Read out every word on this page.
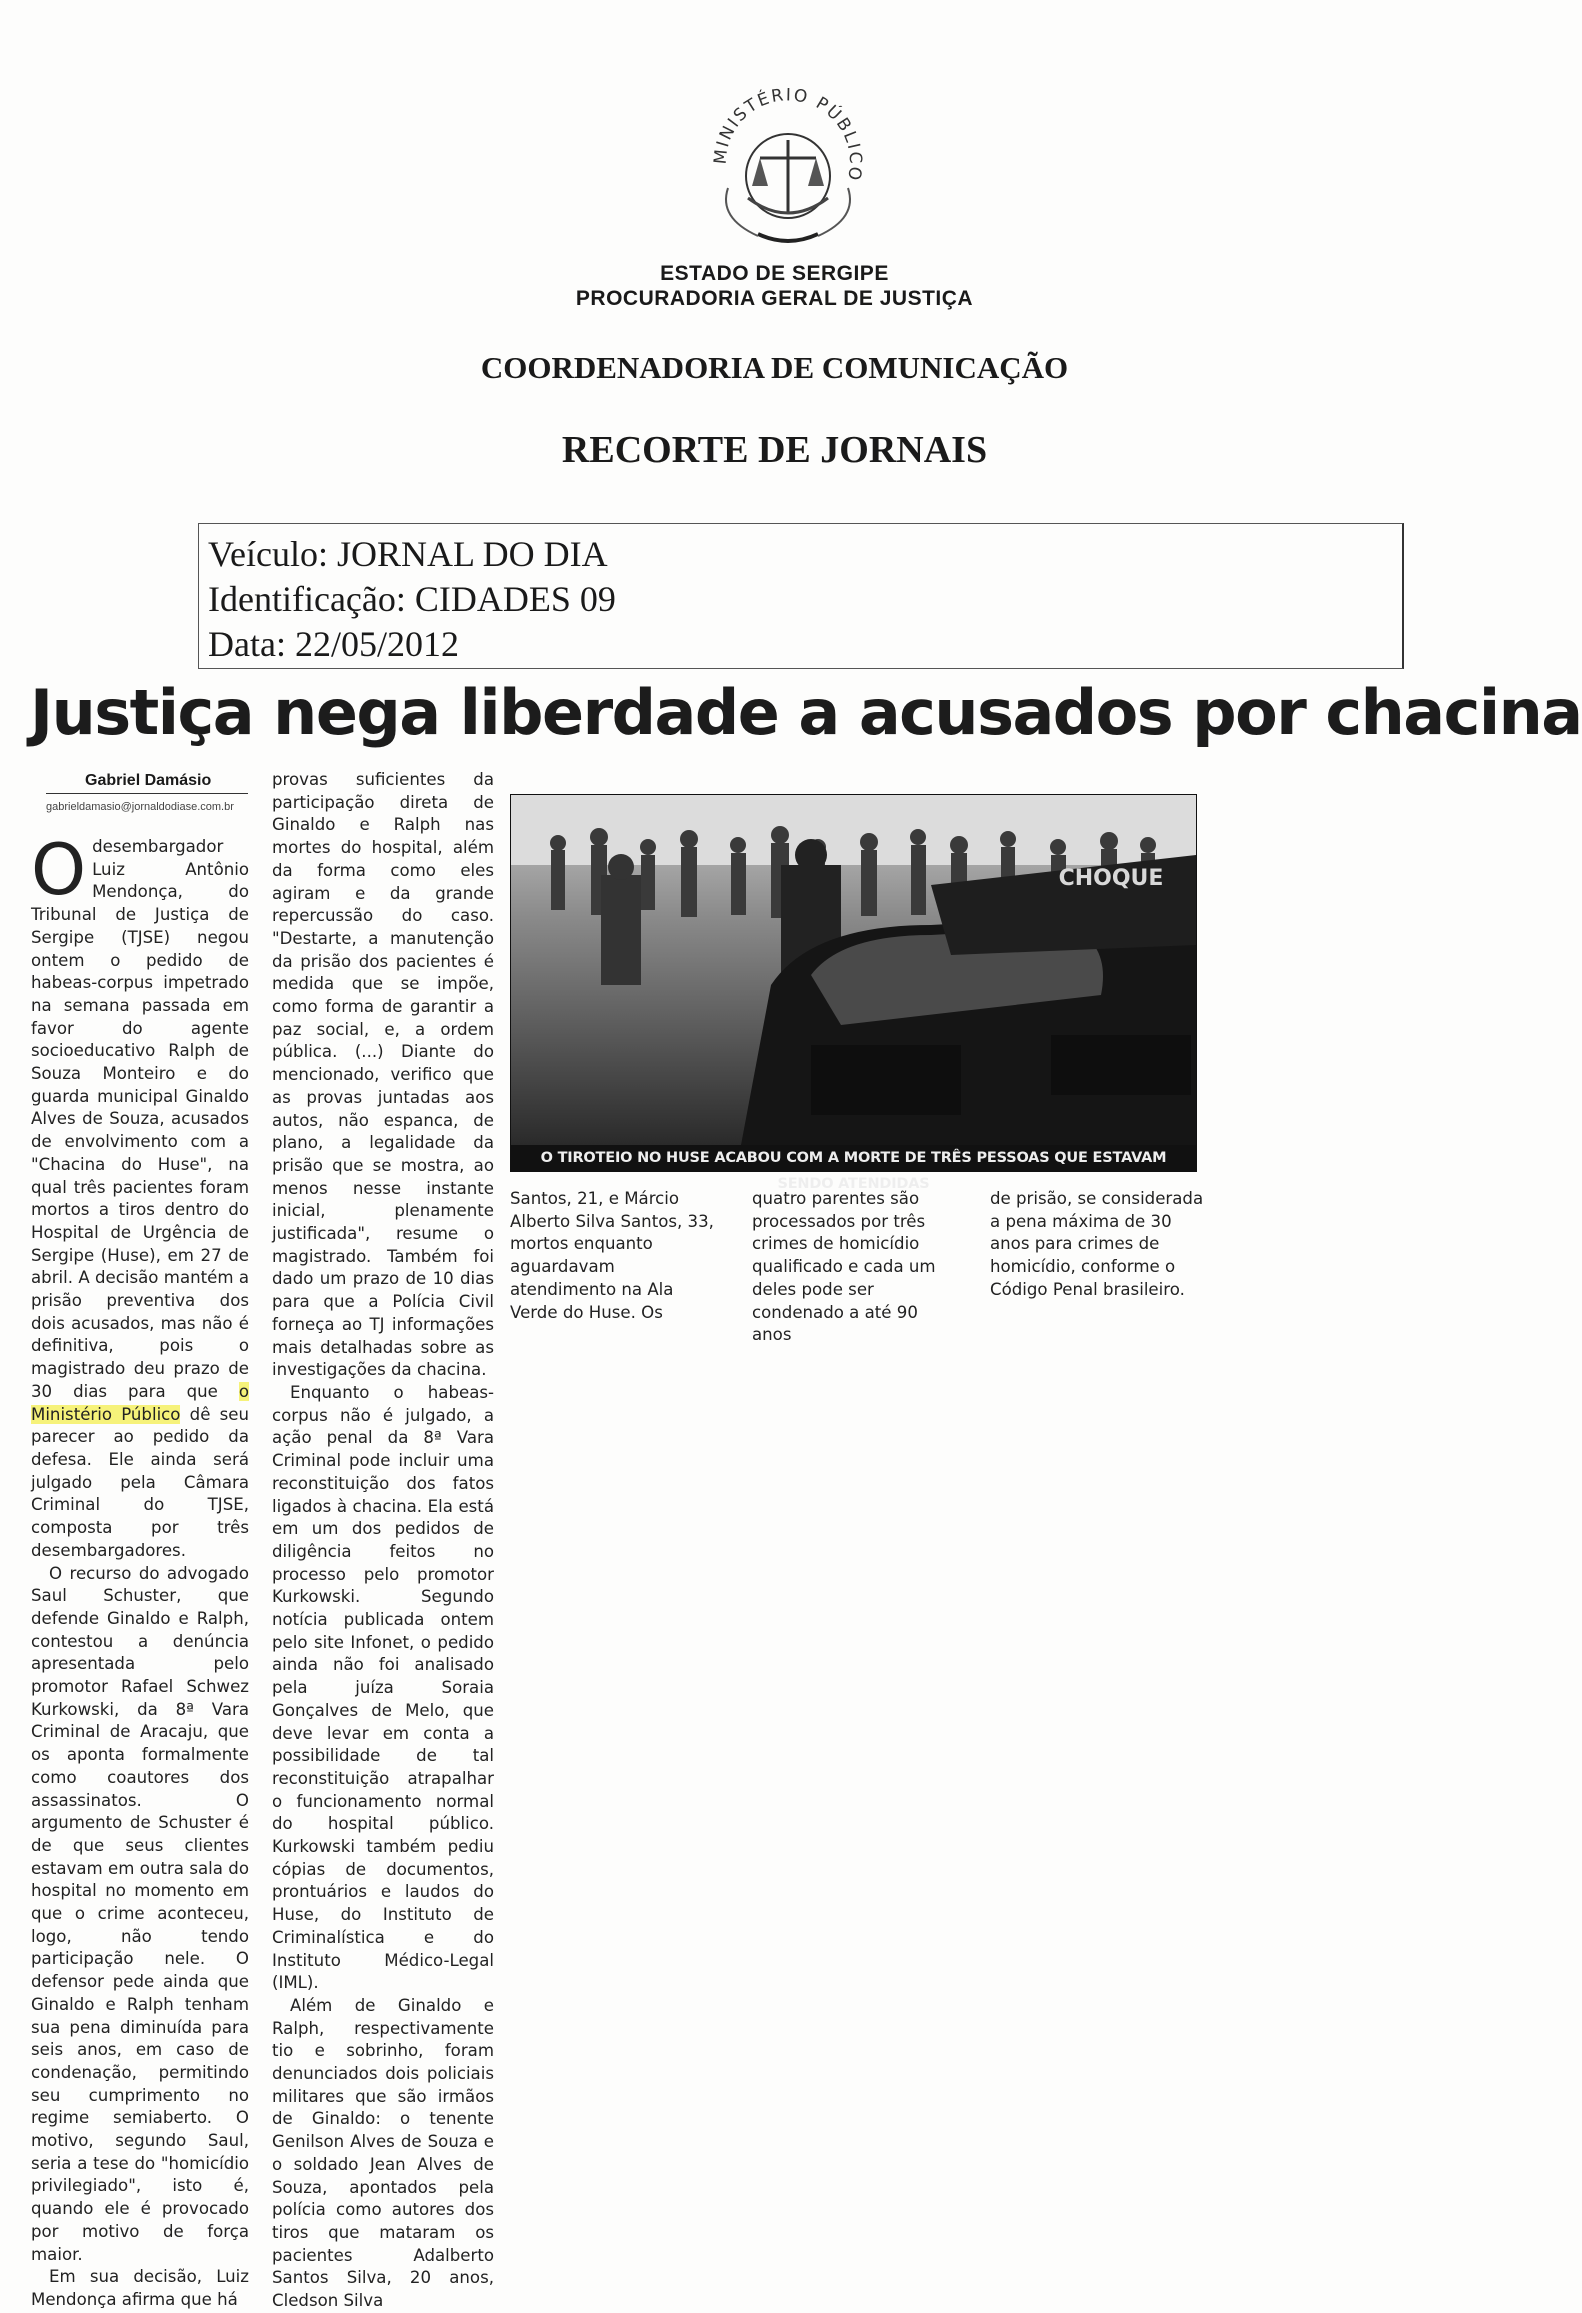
MINISTÉRIO PÚBLICO
ESTADO DE SERGIPE
PROCURADORIA GERAL DE JUSTIÇA
COORDENADORIA DE COMUNICAÇÃO
RECORTE DE JORNAIS
Veículo: JORNAL DO DIA
Identificação: CIDADES 09
Data: 22/05/2012
Justiça nega liberdade a acusados por chacina
Gabriel Damásio
gabrieldamasio@jornaldodiase.com.br

Odesembargador Luiz Antônio Mendonça, do Tribunal de Justiça de Sergipe (TJSE) negou ontem o pedido de habeas-corpus impetrado na semana passada em favor do agente socioeducativo Ralph de Souza Monteiro e do guarda municipal Ginaldo Alves de Souza, acusados de envolvimento com a "Chacina do Huse", na qual três pacientes foram mortos a tiros dentro do Hospital de Urgência de Sergipe (Huse), em 27 de abril. A decisão mantém a prisão preventiva dos dois acusados, mas não é definitiva, pois o magistrado deu prazo de 30 dias para que o Ministério Público dê seu parecer ao pedido da defesa. Ele ainda será julgado pela Câmara Criminal do TJSE, composta por três desembargadores.

O recurso do advogado Saul Schuster, que defende Ginaldo e Ralph, contestou a denúncia apresentada pelo promotor Rafael Schwez Kurkowski, da 8ª Vara Criminal de Aracaju, que os aponta formalmente como coautores dos assassinatos. O argumento de Schuster é de que seus clientes estavam em outra sala do hospital no momento em que o crime aconteceu, logo, não tendo participação nele. O defensor pede ainda que Ginaldo e Ralph tenham sua pena diminuída para seis anos, em caso de condenação, permitindo seu cumprimento no regime semiaberto. O motivo, segundo Saul, seria a tese do "homicídio privilegiado", isto é, quando ele é provocado por motivo de força maior.

Em sua decisão, Luiz Mendonça afirma que há

provas suficientes da participação direta de Ginaldo e Ralph nas mortes do hospital, além da forma como eles agiram e da grande repercussão do caso. "Destarte, a manutenção da prisão dos pacientes é medida que se impõe, como forma de garantir a paz social, e, a ordem pública. (...) Diante do mencionado, verifico que as provas juntadas aos autos, não espanca, de plano, a legalidade da prisão que se mostra, ao menos nesse instante inicial, plenamente justificada", resume o magistrado. Também foi dado um prazo de 10 dias para que a Polícia Civil forneça ao TJ informações mais detalhadas sobre as investigações da chacina.

Enquanto o habeas-corpus não é julgado, a ação penal da 8ª Vara Criminal pode incluir uma reconstituição dos fatos ligados à chacina. Ela está em um dos pedidos de diligência feitos no processo pelo promotor Kurkowski. Segundo notícia publicada ontem pelo site Infonet, o pedido ainda não foi analisado pela juíza Soraia Gonçalves de Melo, que deve levar em conta a possibilidade de tal reconstituição atrapalhar o funcionamento normal do hospital público. Kurkowski também pediu cópias de documentos, prontuários e laudos do Huse, do Instituto de Criminalística e do Instituto Médico-Legal (IML).

Além de Ginaldo e Ralph, respectivamente tio e sobrinho, foram denunciados dois policiais militares que são irmãos de Ginaldo: o tenente Genilson Alves de Souza e o soldado Jean Alves de Souza, apontados pela polícia como autores dos tiros que mataram os pacientes Adalberto Santos Silva, 20 anos, Cledson Silva

CHOQUE
O TIROTEIO NO HUSE ACABOU COM A MORTE DE TRÊS PESSOAS QUE ESTAVAM SENDO ATENDIDAS

Santos, 21, e Márcio Alberto Silva Santos, 33, mortos enquanto aguardavam atendimento na Ala Verde do Huse. Os

quatro parentes são processados por três crimes de homicídio qualificado e cada um deles pode ser condenado a até 90 anos

de prisão, se considerada a pena máxima de 30 anos para crimes de homicídio, conforme o Código Penal brasileiro.
